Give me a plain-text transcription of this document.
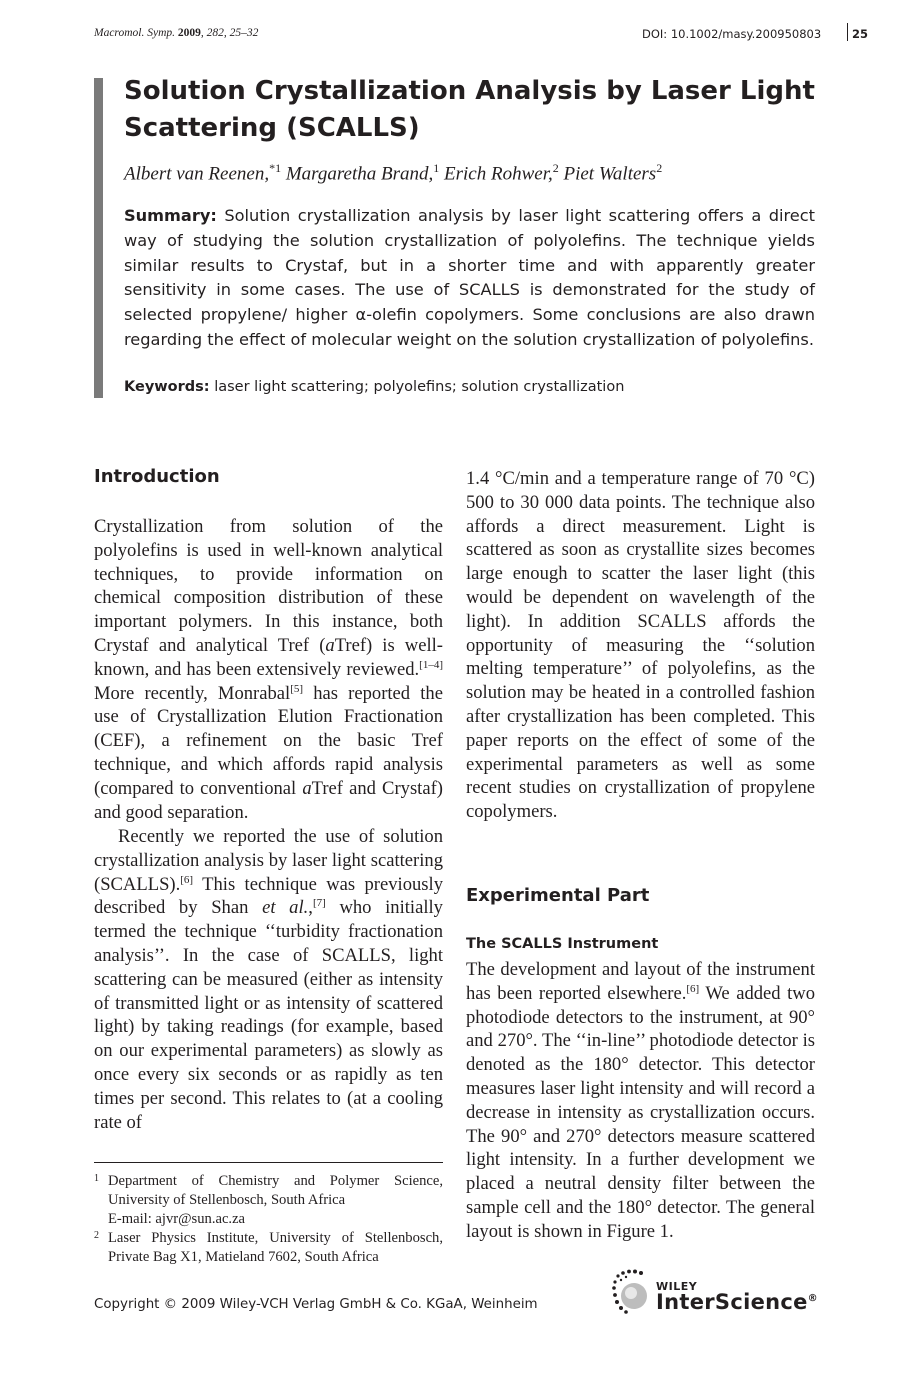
Macromol. Symp. 2009, 282, 25–32	DOI: 10.1002/masy.200950803	25
Solution Crystallization Analysis by Laser Light Scattering (SCALLS)
Albert van Reenen,$^{*1}$ Margaretha Brand,$^1$ Erich Rohwer,$^2$ Piet Walters$^2$

Summary: Solution crystallization analysis by laser light scattering offers a direct way of studying the solution crystallization of polyolefins. The technique yields similar results to Crystaf, but in a shorter time and with apparently greater sensitivity in some cases. The use of SCALLS is demonstrated for the study of selected propylene/ higher α-olefin copolymers. Some conclusions are also drawn regarding the effect of molecular weight on the solution crystallization of polyolefins.

Keywords: laser light scattering; polyolefins; solution crystallization
Introduction

Crystallization from solution of the polyolefins is used in well-known analytical techniques, to provide information on chemical composition distribution of these important polymers. In this instance, both Crystaf and analytical Tref (aTref) is well-known, and has been extensively reviewed.[1–4] More recently, Monrabal[5] has reported the use of Crystallization Elution Fractionation (CEF), a refinement on the basic Tref technique, and which affords rapid analysis (compared to conventional aTref and Crystaf) and good separation.

Recently we reported the use of solution crystallization analysis by laser light scattering (SCALLS).[6] This technique was previously described by Shan et al.,[7] who initially termed the technique ‘‘turbidity fractionation analysis’’. In the case of SCALLS, light scattering can be measured (either as intensity of transmitted light or as intensity of scattered light) by taking readings (for example, based on our experimental parameters) as slowly as once every six seconds or as rapidly as ten times per second. This relates to (at a cooling rate of

1 Department of Chemistry and Polymer Science, University of Stellenbosch, South Africa
E-mail: ajvr@sun.ac.za
2 Laser Physics Institute, University of Stellenbosch, Private Bag X1, Matieland 7602, South Africa

1.4 °C/min and a temperature range of 70 °C) 500 to 30 000 data points. The technique also affords a direct measurement. Light is scattered as soon as crystallite sizes becomes large enough to scatter the laser light (this would be dependent on wavelength of the light). In addition SCALLS affords the opportunity of measuring the ‘‘solution melting temperature’’ of polyolefins, as the solution may be heated in a controlled fashion after crystallization has been completed. This paper reports on the effect of some of the experimental parameters as well as some recent studies on crystallization of propylene copolymers.

Experimental Part
The SCALLS Instrument

The development and layout of the instrument has been reported elsewhere.[6] We added two photodiode detectors to the instrument, at 90° and 270°. The ‘‘in-line’’ photodiode detector is denoted as the 180° detector. This detector measures laser light intensity and will record a decrease in intensity as crystallization occurs. The 90° and 270° detectors measure scattered light intensity. In a further development we placed a neutral density filter between the sample cell and the 180° detector. The general layout is shown in Figure 1.

Copyright © 2009 Wiley-VCH Verlag GmbH & Co. KGaA, Weinheim
WILEY
InterScience®
